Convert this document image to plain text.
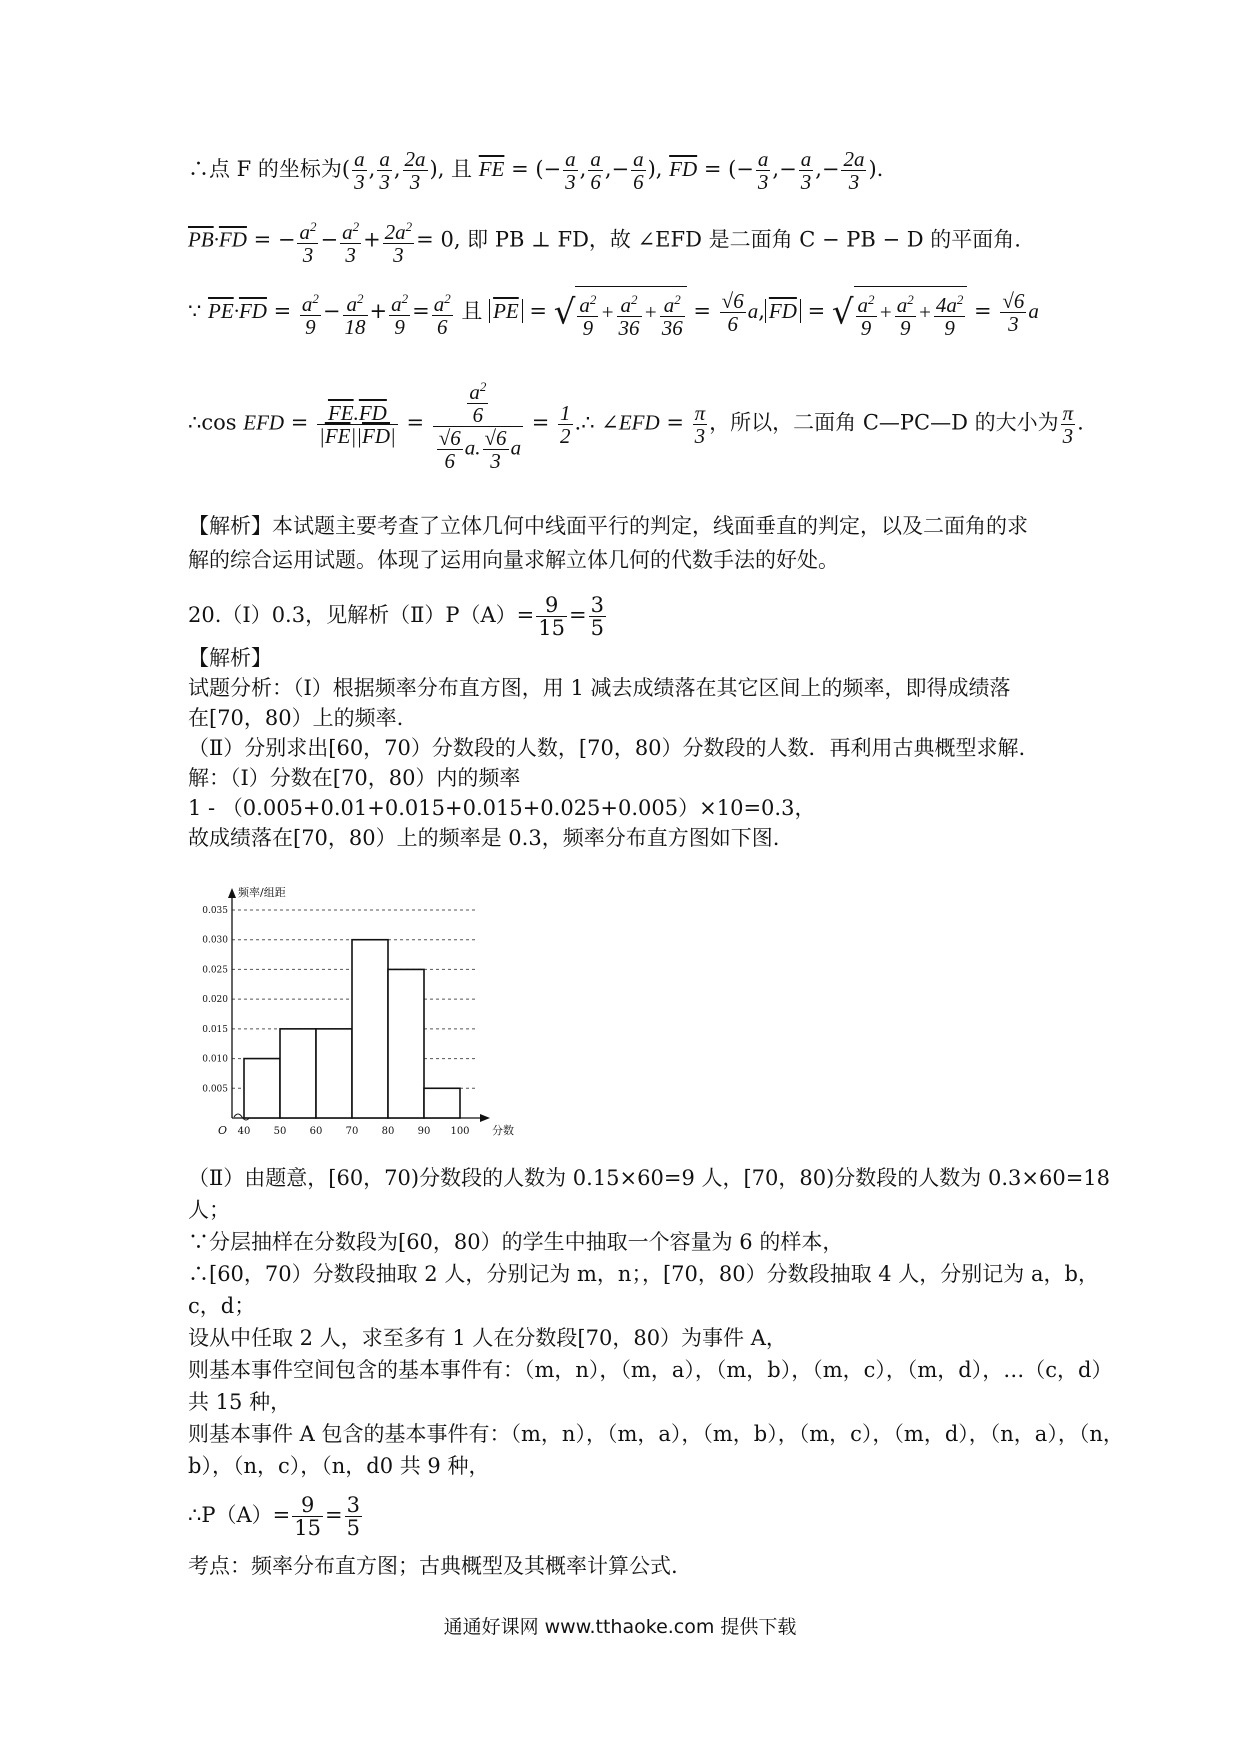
∴点 F 的坐标为( $\frac{a}{3}$ , $\frac{a}{3}$ , $\frac{2a}{3}$ ), 且 $\overline{FE}$ = (− $\frac{a}{3}$ , $\frac{a}{6}$ ,− $\frac{a}{6}$ ), $\overline{FD}$ = (− $\frac{a}{3}$ ,− $\frac{a}{3}$ ,− $\frac{2a}{3}$ ).
$\overline{PB}\cdot\overline{FD}$ = − $\frac{a^2}{3} - \frac{a^2}{3} + \frac{2a^2}{3} = 0$, 即 PB ⊥ FD，故 ∠EFD 是二面角 C − PB − D 的平面角.
∵ $\overline{PE}\cdot\overline{FD} = \frac{a^2}{9} - \frac{a^2}{18} + \frac{a^2}{9} = \frac{a^2}{6}$ 且 $\overline{PE}$ = √ $\frac{a^2}{9} + \frac{a^2}{36} + \frac{a^2}{36} = \frac{√6}{6} a$, $\overline{FD}$ = √ $\frac{a^2}{9} + \frac{a^2}{9} + \frac{4a^2}{9} = \frac{√6}{3}$ a
∴cos EFD = $\frac{\overline{FE}.\overline{FD}}{|\overline{FE}||\overline{FD}|} = \frac{\frac{a^2}{6}}{\frac{√6}{6} a. \frac{√6}{3} a} = \frac{1}{2}$ .∴ ∠EFD = $\frac{\pi}{3}$ ，所以，二面角 C—PC—D 的大小为 $\frac{\pi}{3}$ .
【解析】本试题主要考查了立体几何中线面平行的判定，线面垂直的判定，以及二面角的求
解的综合运用试题。体现了运用向量求解立体几何的代数手法的好处。
20.（Ⅰ）0.3，见解析（Ⅱ）P（A）= $\frac{9}{15} = \frac{3}{5}$
【解析】
试题分析：（Ⅰ）根据频率分布直方图，用 1 减去成绩落在其它区间上的频率，即得成绩落
在[70，80）上的频率.
（Ⅱ）分别求出[60，70）分数段的人数，[70，80）分数段的人数．再利用古典概型求解.
解：（Ⅰ）分数在[70，80）内的频率
1 - （0.005+0.01+0.015+0.015+0.025+0.005）×10=0.3，
故成绩落在[70，80）上的频率是 0.3，频率分布直方图如下图.
0.005
0.010
0.015
0.020
0.025
0.030
0.035
40 50 60 70 80 90 100
O
频率/组距
分数
（Ⅱ）由题意，[60，70)分数段的人数为 0.15×60=9 人，[70，80)分数段的人数为 0.3×60=18
人；
∵分层抽样在分数段为[60，80）的学生中抽取一个容量为 6 的样本，
∴[60，70）分数段抽取 2 人，分别记为 m，n；，[70，80）分数段抽取 4 人，分别记为 a，b，
c，d；
设从中任取 2 人，求至多有 1 人在分数段[70，80）为事件 A，
则基本事件空间包含的基本事件有：（m，n），（m，a），（m，b），（m，c），（m，d），…（c，d）
共 15 种，
则基本事件 A 包含的基本事件有：（m，n），（m，a），（m，b），（m，c），（m，d），（n，a），（n，
b），（n，c），（n，d0 共 9 种，
∴P（A）= $\frac{9}{15} = \frac{3}{5}$
考点：频率分布直方图；古典概型及其概率计算公式.
通通好课网 www.tthaoke.com 提供下载
